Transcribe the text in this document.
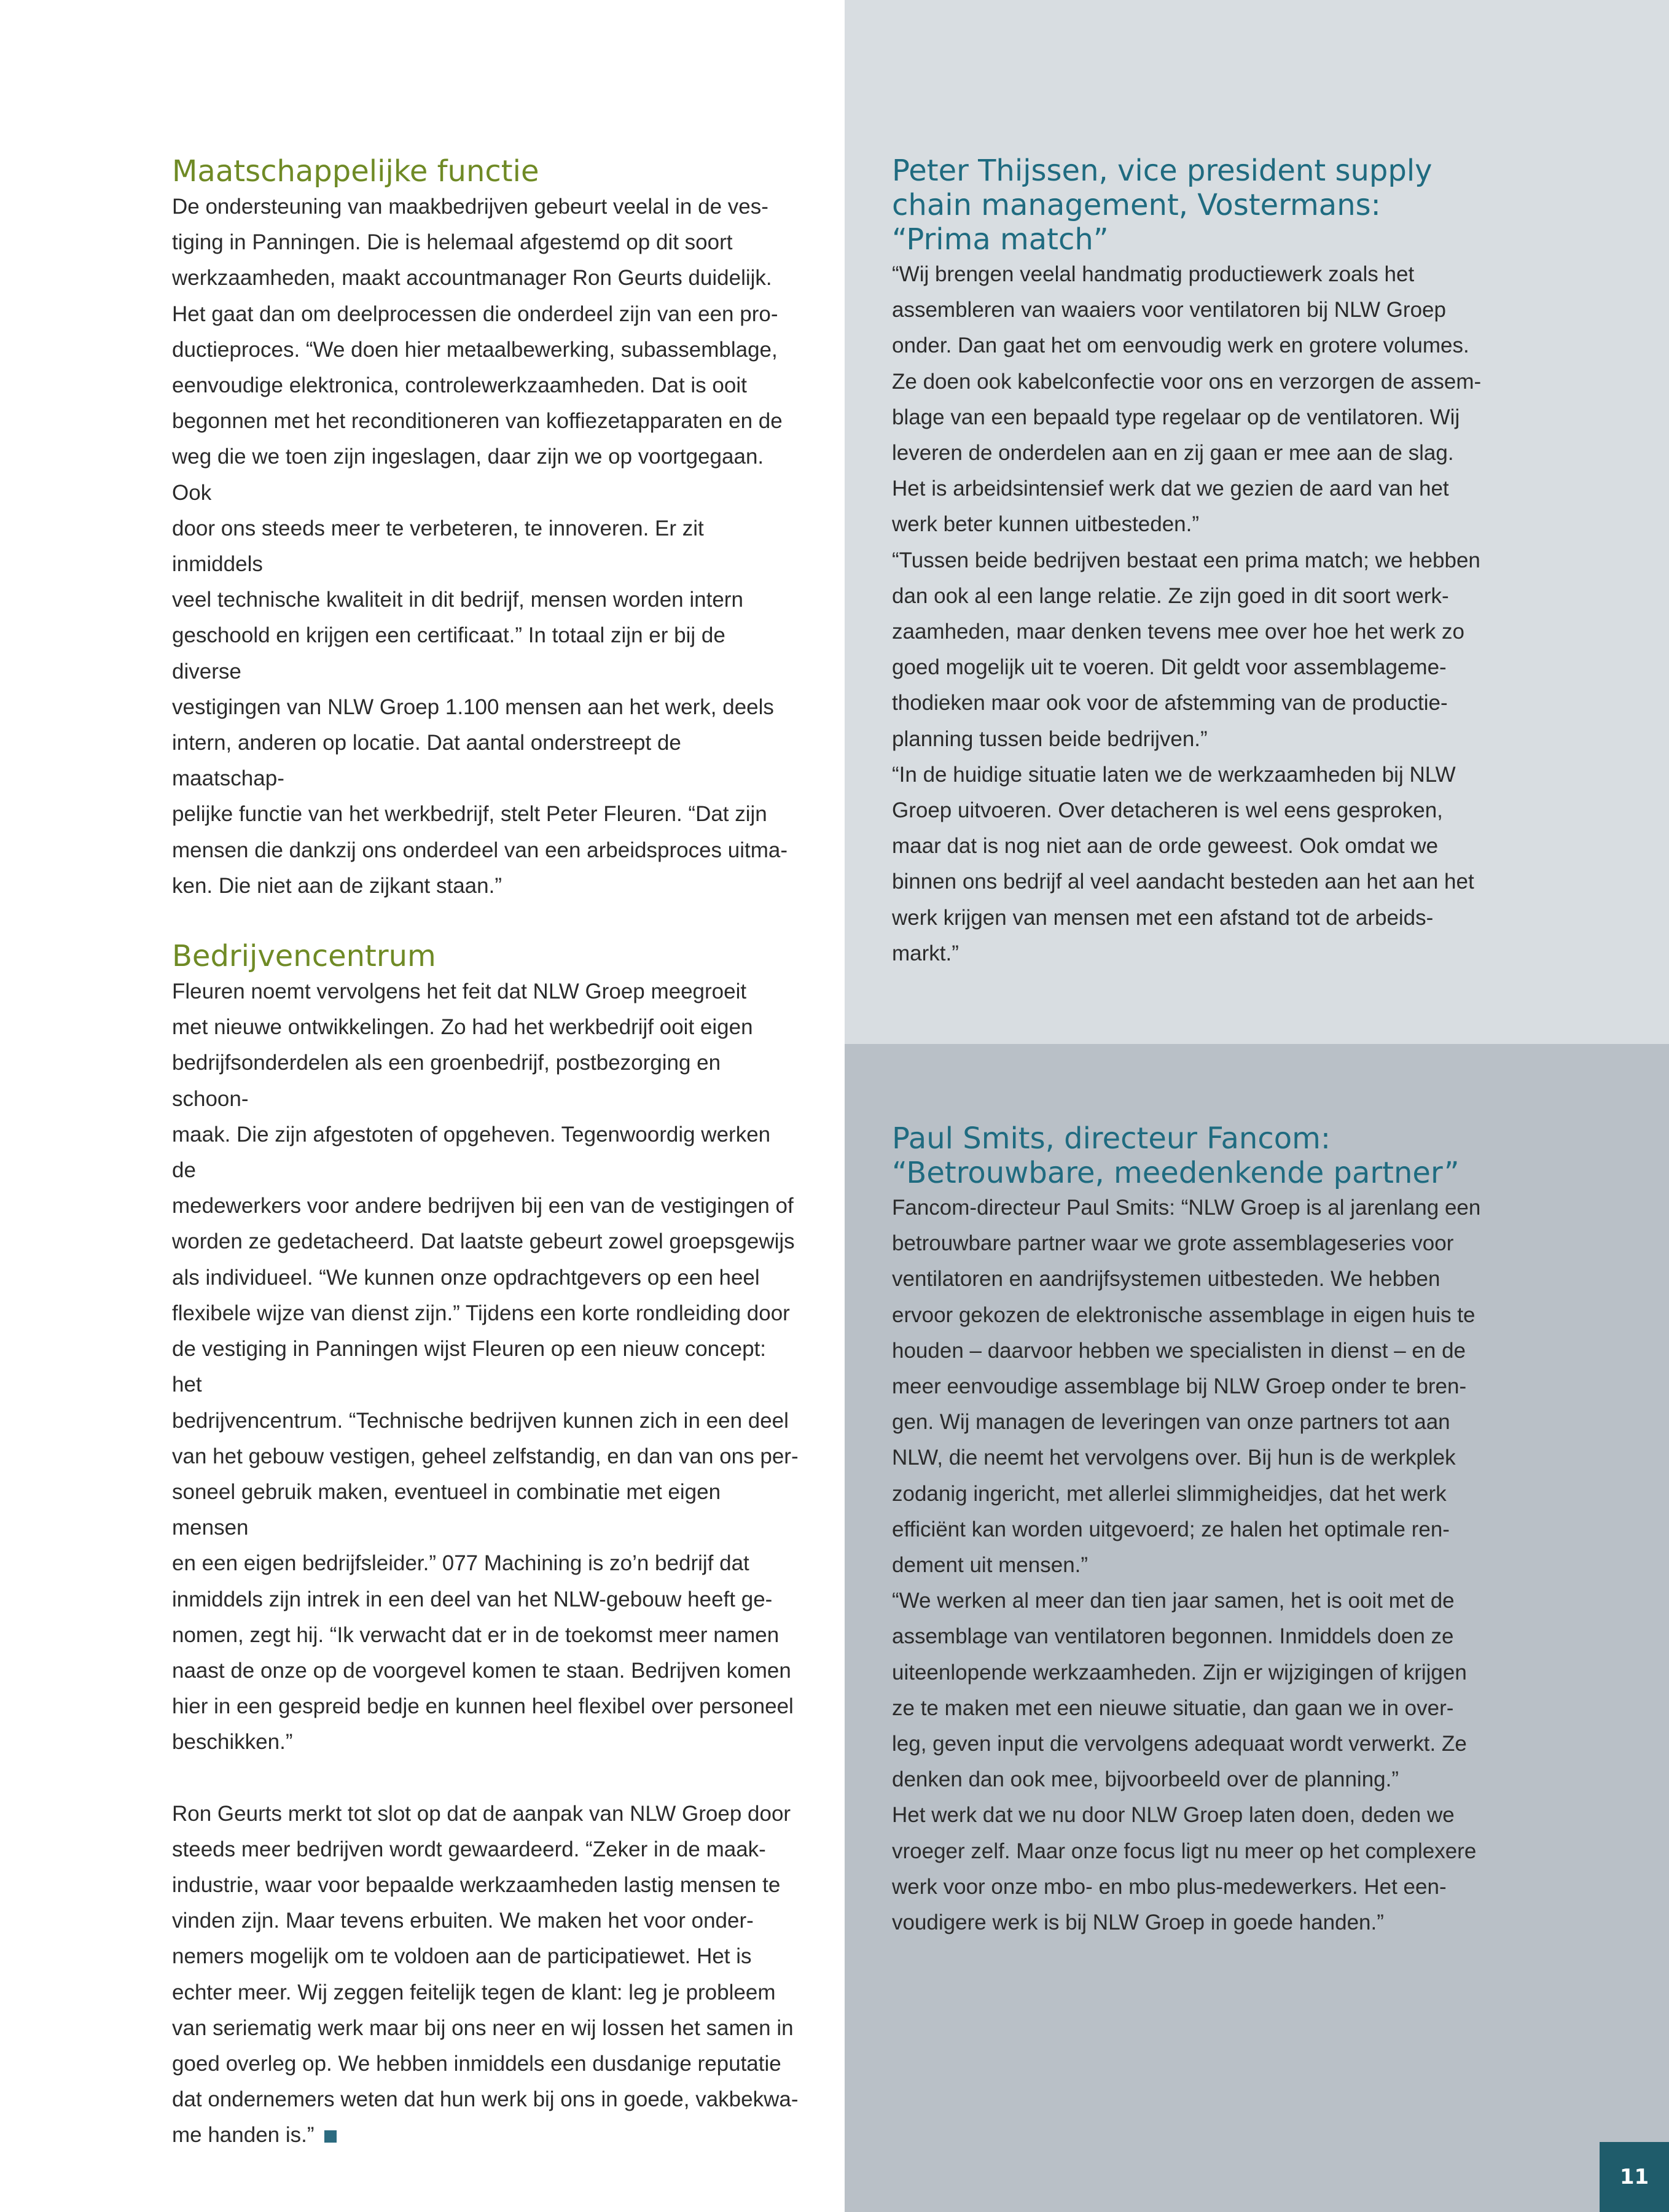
Maatschappelijke functie

De ondersteuning van maakbedrijven gebeurt veelal in de ves-
tiging in Panningen. Die is helemaal afgestemd op dit soort
werkzaamheden, maakt accountmanager Ron Geurts duidelijk.
Het gaat dan om deelprocessen die onderdeel zijn van een pro-
ductieproces. “We doen hier metaalbewerking, subassemblage,
eenvoudige elektronica, controlewerkzaamheden. Dat is ooit
begonnen met het reconditioneren van koffiezetapparaten en de
weg die we toen zijn ingeslagen, daar zijn we op voortgegaan. Ook
door ons steeds meer te verbeteren, te innoveren. Er zit inmiddels
veel technische kwaliteit in dit bedrijf, mensen worden intern
geschoold en krijgen een certificaat.” In totaal zijn er bij de diverse
vestigingen van NLW Groep 1.100 mensen aan het werk, deels
intern, anderen op locatie. Dat aantal onderstreept de maatschap-
pelijke functie van het werkbedrijf, stelt Peter Fleuren. “Dat zijn
mensen die dankzij ons onderdeel van een arbeidsproces uitma-
ken. Die niet aan de zijkant staan.”

Bedrijvencentrum

Fleuren noemt vervolgens het feit dat NLW Groep meegroeit
met nieuwe ontwikkelingen. Zo had het werkbedrijf ooit eigen
bedrijfsonderdelen als een groenbedrijf, postbezorging en schoon-
maak. Die zijn afgestoten of opgeheven. Tegenwoordig werken de
medewerkers voor andere bedrijven bij een van de vestigingen of
worden ze gedetacheerd. Dat laatste gebeurt zowel groepsgewijs
als individueel. “We kunnen onze opdrachtgevers op een heel
flexibele wijze van dienst zijn.” Tijdens een korte rondleiding door
de vestiging in Panningen wijst Fleuren op een nieuw concept: het
bedrijvencentrum. “Technische bedrijven kunnen zich in een deel
van het gebouw vestigen, geheel zelfstandig, en dan van ons per-
soneel gebruik maken, eventueel in combinatie met eigen mensen
en een eigen bedrijfsleider.” 077 Machining is zo’n bedrijf dat
inmiddels zijn intrek in een deel van het NLW-gebouw heeft ge-
nomen, zegt hij. “Ik verwacht dat er in de toekomst meer namen
naast de onze op de voorgevel komen te staan. Bedrijven komen
hier in een gespreid bedje en kunnen heel flexibel over personeel
beschikken.”

Ron Geurts merkt tot slot op dat de aanpak van NLW Groep door
steeds meer bedrijven wordt gewaardeerd. “Zeker in de maak-
industrie, waar voor bepaalde werkzaamheden lastig mensen te
vinden zijn. Maar tevens erbuiten. We maken het voor onder-
nemers mogelijk om te voldoen aan de participatiewet. Het is
echter meer. Wij zeggen feitelijk tegen de klant: leg je probleem
van seriematig werk maar bij ons neer en wij lossen het samen in
goed overleg op. We hebben inmiddels een dusdanige reputatie
dat ondernemers weten dat hun werk bij ons in goede, vakbekwa-
me handen is.”

Peter Thijssen, vice president supply
chain management, Vostermans:
“Prima match”

“Wij brengen veelal handmatig productiewerk zoals het
assembleren van waaiers voor ventilatoren bij NLW Groep
onder. Dan gaat het om eenvoudig werk en grotere volumes.
Ze doen ook kabelconfectie voor ons en verzorgen de assem-
blage van een bepaald type regelaar op de ventilatoren. Wij
leveren de onderdelen aan en zij gaan er mee aan de slag.
Het is arbeidsintensief werk dat we gezien de aard van het
werk beter kunnen uitbesteden.”
“Tussen beide bedrijven bestaat een prima match; we hebben
dan ook al een lange relatie. Ze zijn goed in dit soort werk-
zaamheden, maar denken tevens mee over hoe het werk zo
goed mogelijk uit te voeren. Dit geldt voor assemblageme-
thodieken maar ook voor de afstemming van de productie-
planning tussen beide bedrijven.”
“In de huidige situatie laten we de werkzaamheden bij NLW
Groep uitvoeren. Over detacheren is wel eens gesproken,
maar dat is nog niet aan de orde geweest. Ook omdat we
binnen ons bedrijf al veel aandacht besteden aan het aan het
werk krijgen van mensen met een afstand tot de arbeids-
markt.”

Paul Smits, directeur Fancom:
“Betrouwbare, meedenkende partner”

Fancom-directeur Paul Smits: “NLW Groep is al jarenlang een
betrouwbare partner waar we grote assemblageseries voor
ventilatoren en aandrijfsystemen uitbesteden. We hebben
ervoor gekozen de elektronische assemblage in eigen huis te
houden – daarvoor hebben we specialisten in dienst – en de
meer eenvoudige assemblage bij NLW Groep onder te bren-
gen. Wij managen de leveringen van onze partners tot aan
NLW, die neemt het vervolgens over. Bij hun is de werkplek
zodanig ingericht, met allerlei slimmigheidjes, dat het werk
efficiënt kan worden uitgevoerd; ze halen het optimale ren-
dement uit mensen.”
“We werken al meer dan tien jaar samen, het is ooit met de
assemblage van ventilatoren begonnen. Inmiddels doen ze
uiteenlopende werkzaamheden. Zijn er wijzigingen of krijgen
ze te maken met een nieuwe situatie, dan gaan we in over-
leg, geven input die vervolgens adequaat wordt verwerkt. Ze
denken dan ook mee, bijvoorbeeld over de planning.”
Het werk dat we nu door NLW Groep laten doen, deden we
vroeger zelf. Maar onze focus ligt nu meer op het complexere
werk voor onze mbo- en mbo plus-medewerkers. Het een-
voudigere werk is bij NLW Groep in goede handen.”

11
